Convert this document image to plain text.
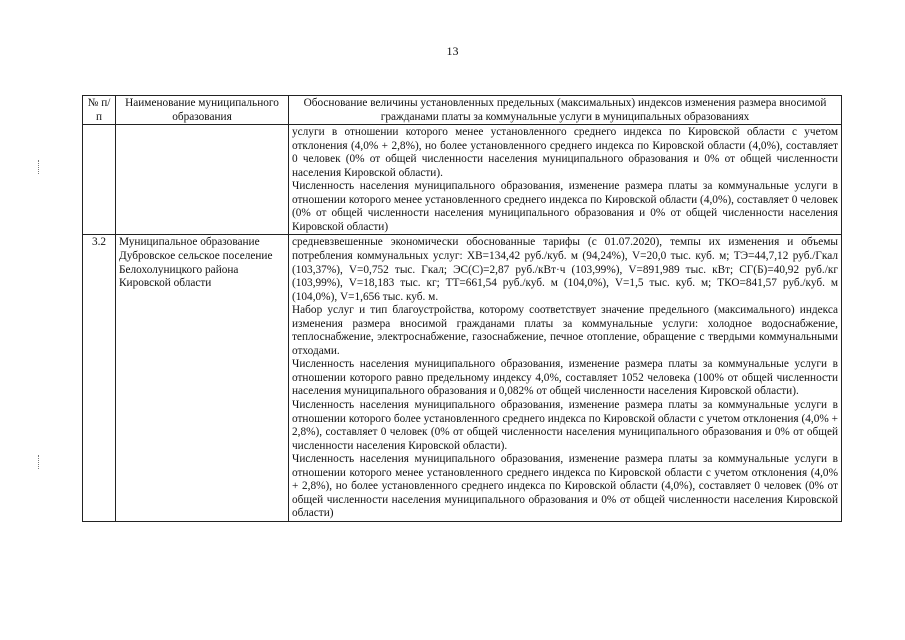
13
№ п/п	Наименование муниципального образования	Обоснование величины установленных предельных (максимальных) индексов изменения размера вносимой гражданами платы за коммунальные услуги в муниципальных образованиях

		услуги в отношении которого менее установленного среднего индекса по Кировской области с учетом отклонения (4,0% + 2,8%), но более установленного среднего индекса по Кировской области (4,0%), составляет 0 человек (0% от общей численности населения муниципального образования и 0% от общей численности населения Кировской области).

Численность населения муниципального образования, изменение размера платы за коммунальные услуги в отношении которого менее установленного среднего индекса по Кировской области (4,0%), составляет 0 человек (0% от общей численности населения муниципального образования и 0% от общей численности населения Кировской области)

3.2	Муниципальное образование Дубровское сельское поселение Белохолуницкого района Кировской области	средневзвешенные экономически обоснованные тарифы (с 01.07.2020), темпы их изменения и объемы потребления коммунальных услуг: ХВ=134,42 руб./куб. м (94,24%), V=20,0 тыс. куб. м; ТЭ=44,7,12 руб./Гкал (103,37%), V=0,752 тыс. Гкал; ЭС(С)=2,87 руб./кВт·ч (103,99%), V=891,989 тыс. кВт; СГ(Б)=40,92 руб./кг (103,99%), V=18,183 тыс. кг; ТТ=661,54 руб./куб. м (104,0%), V=1,5 тыс. куб. м; ТКО=841,57 руб./куб. м (104,0%), V=1,656 тыс. куб. м.

Набор услуг и тип благоустройства, которому соответствует значение предельного (максимального) индекса изменения размера вносимой гражданами платы за коммунальные услуги: холодное водоснабжение, теплоснабжение, электроснабжение, газоснабжение, печное отопление, обращение с твердыми коммунальными отходами.

Численность населения муниципального образования, изменение размера платы за коммунальные услуги в отношении которого равно предельному индексу 4,0%, составляет 1052 человека (100% от общей численности населения муниципального образования и 0,082% от общей численности населения Кировской области).

Численность населения муниципального образования, изменение размера платы за коммунальные услуги в отношении которого более установленного среднего индекса по Кировской области с учетом отклонения (4,0% + 2,8%), составляет 0 человек (0% от общей численности населения муниципального образования и 0% от общей численности населения Кировской области).

Численность населения муниципального образования, изменение размера платы за коммунальные услуги в отношении которого менее установленного среднего индекса по Кировской области с учетом отклонения (4,0% + 2,8%), но более установленного среднего индекса по Кировской области (4,0%), составляет 0 человек (0% от общей численности населения муниципального образования и 0% от общей численности населения Кировской области)
